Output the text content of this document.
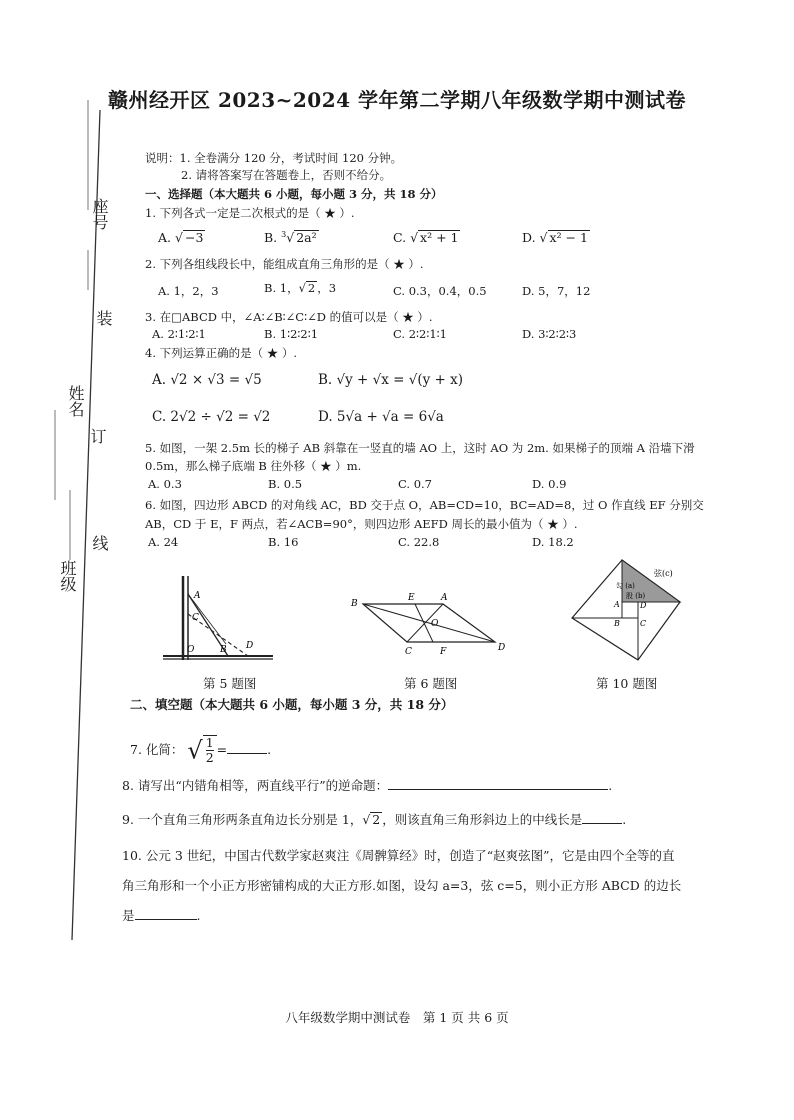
赣州经开区 2023~2024 学年第二学期八年级数学期中测试卷
座号
装
姓名
订
线
班级
说明：1. 全卷满分 120 分，考试时间 120 分钟。
2. 请将答案写在答题卷上，否则不给分。
一、选择题（本大题共 6 小题，每小题 3 分，共 18 分）
1. 下列各式一定是二次根式的是（ ★ ）.
A. √ −3	B. $^3$√ 2a²	C. √ x² + 1	D. √ x² − 1
2. 下列各组线段长中，能组成直角三角形的是（ ★ ）.
A. 1，2，3	B. 1，√ 2 ，3	C. 0.3，0.4，0.5	D. 5，7，12
3. 在□ABCD 中，∠A∶∠B∶∠C∶∠D 的值可以是（ ★ ）.
A. 2∶1∶2∶1	B. 1∶2∶2∶1	C. 2∶2∶1∶1	D. 3∶2∶2∶3
4. 下列运算正确的是（ ★ ）.
A. √2 × √3 = √5	B. √y + √x = √(y + x)
C. 2√2 ÷ √2 = √2	D. 5√a + √a = 6√a
5. 如图，一架 2.5m 长的梯子 AB 斜靠在一竖直的墙 AO 上，这时 AO 为 2m. 如果梯子的顶端 A 沿墙下滑
0.5m，那么梯子底端 B 往外移（ ★ ）m.
A. 0.3	B. 0.5	C. 0.7	D. 0.9
6. 如图，四边形 ABCD 的对角线 AC，BD 交于点 O，AB=CD=10，BC=AD=8，过 O 作直线 EF 分别交
AB，CD 于 E，F 两点，若∠ACB=90°，则四边形 AEFD 周长的最小值为（ ★ ）.
A. 24	B. 16	C. 22.8	D. 18.2
A
C
O	B D
第 5 题图
B
E	A
O
C	F	D
第 6 题图
弦(c)
勾 (a)
股 (b)
A	D
B	C
第 10 题图
二、填空题（本大题共 6 小题，每小题 3 分，共 18 分）
7. 化简： √ $\frac{1}{2}$ =	.
8. 请写出“内错角相等，两直线平行”的逆命题：	.
9. 一个直角三角形两条直角边长分别是 1，√ 2 ，则该直角三角形斜边上的中线长是	.
10. 公元 3 世纪，中国古代数学家赵爽注《周髀算经》时，创造了“赵爽弦图”，它是由四个全等的直
角三角形和一个小正方形密铺构成的大正方形.如图，设勾 a=3，弦 c=5，则小正方形 ABCD 的边长
是	.
八年级数学期中测试卷　第 1 页 共 6 页
